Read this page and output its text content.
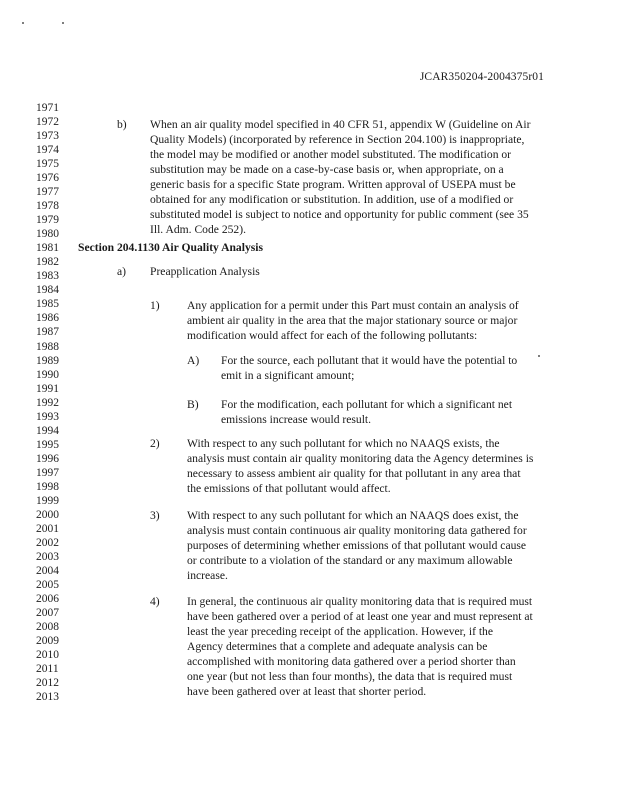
JCAR350204-2004375r01
1971
1972
1973
1974
1975
1976
1977
1978
1979
1980
1981
1982
1983
1984
1985
1986
1987
1988
1989
1990
1991
1992
1993
1994
1995
1996
1997
1998
1999
2000
2001
2002
2003
2004
2005
2006
2007
2008
2009
2010
2011
2012
2013
b) When an air quality model specified in 40 CFR 51, appendix W (Guideline on Air
Quality Models) (incorporated by reference in Section 204.100) is inappropriate,
the model may be modified or another model substituted. The modification or
substitution may be made on a case-by-case basis or, when appropriate, on a
generic basis for a specific State program. Written approval of USEPA must be
obtained for any modification or substitution. In addition, use of a modified or
substituted model is subject to notice and opportunity for public comment (see 35
Ill. Adm. Code 252).
Section 204.1130 Air Quality Analysis
a) Preapplication Analysis
1) Any application for a permit under this Part must contain an analysis of
ambient air quality in the area that the major stationary source or major
modification would affect for each of the following pollutants:
A) For the source, each pollutant that it would have the potential to
emit in a significant amount;
B) For the modification, each pollutant for which a significant net
emissions increase would result.
2) With respect to any such pollutant for which no NAAQS exists, the
analysis must contain air quality monitoring data the Agency determines is
necessary to assess ambient air quality for that pollutant in any area that
the emissions of that pollutant would affect.
3) With respect to any such pollutant for which an NAAQS does exist, the
analysis must contain continuous air quality monitoring data gathered for
purposes of determining whether emissions of that pollutant would cause
or contribute to a violation of the standard or any maximum allowable
increase.
4) In general, the continuous air quality monitoring data that is required must
have been gathered over a period of at least one year and must represent at
least the year preceding receipt of the application. However, if the
Agency determines that a complete and adequate analysis can be
accomplished with monitoring data gathered over a period shorter than
one year (but not less than four months), the data that is required must
have been gathered over at least that shorter period.
